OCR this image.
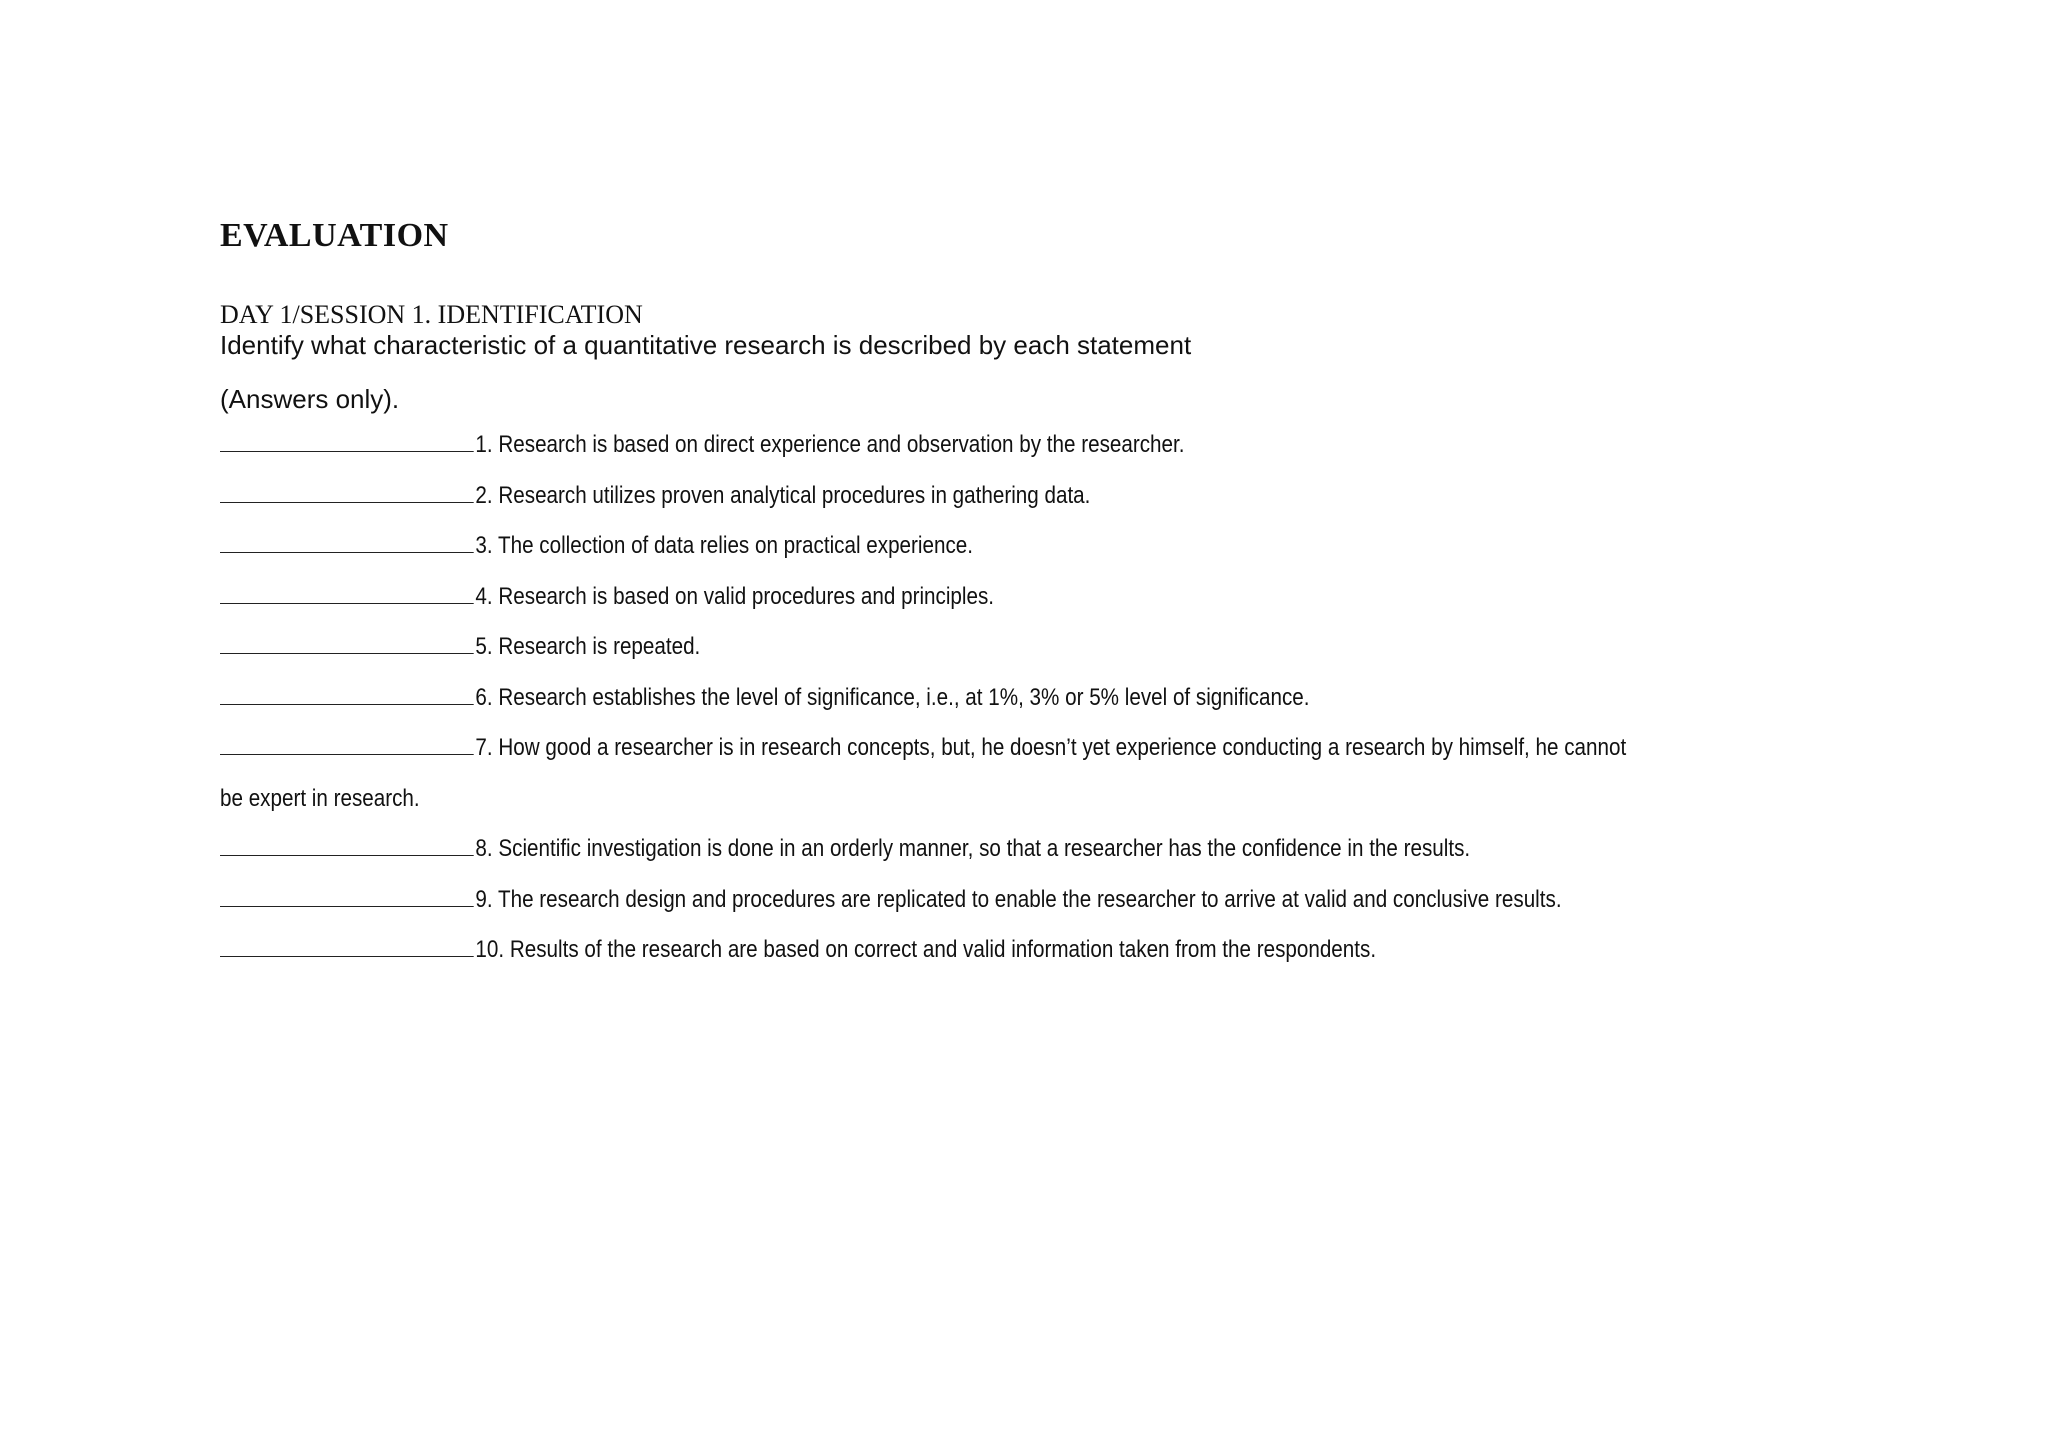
EVALUATION
DAY 1/SESSION 1. IDENTIFICATION
Identify what characteristic of a quantitative research is described by each statement
(Answers only).
1. Research is based on direct experience and observation by the researcher.
2. Research utilizes proven analytical procedures in gathering data.
3. The collection of data relies on practical experience.
4. Research is based on valid procedures and principles.
5. Research is repeated.
6. Research establishes the level of significance, i.e., at 1%, 3% or 5% level of significance.
7. How good a researcher is in research concepts, but, he doesn’t yet experience conducting a research by himself, he cannot
be expert in research.
8. Scientific investigation is done in an orderly manner, so that a researcher has the confidence in the results.
9. The research design and procedures are replicated to enable the researcher to arrive at valid and conclusive results.
10. Results of the research are based on correct and valid information taken from the respondents.
